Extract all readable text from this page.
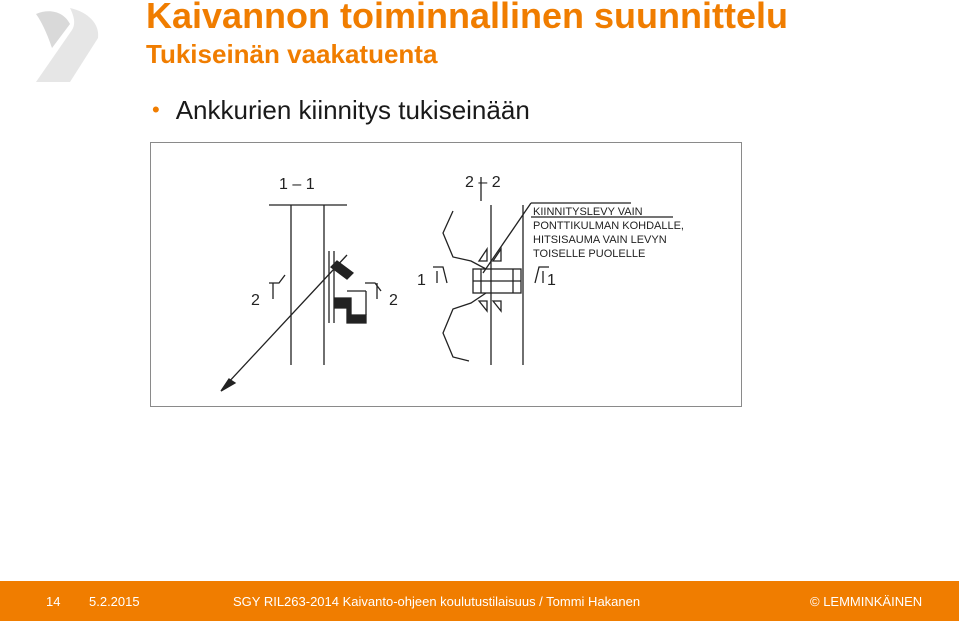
Kaivannon toiminnallinen suunnittelu
Tukiseinän vaakatuenta
• Ankkurien kiinnitys tukiseinään
1 – 1	2 – 2
2	2
1	1
KIINNITYSLEVY VAIN
PONTTIKULMAN KOHDALLE,
HITSISAUMA VAIN LEVYN
TOISELLE PUOLELLE
14 5.2.2015	SGY RIL263-2014 Kaivanto-ohjeen koulutustilaisuus / Tommi Hakanen	© LEMMINKÄINEN
